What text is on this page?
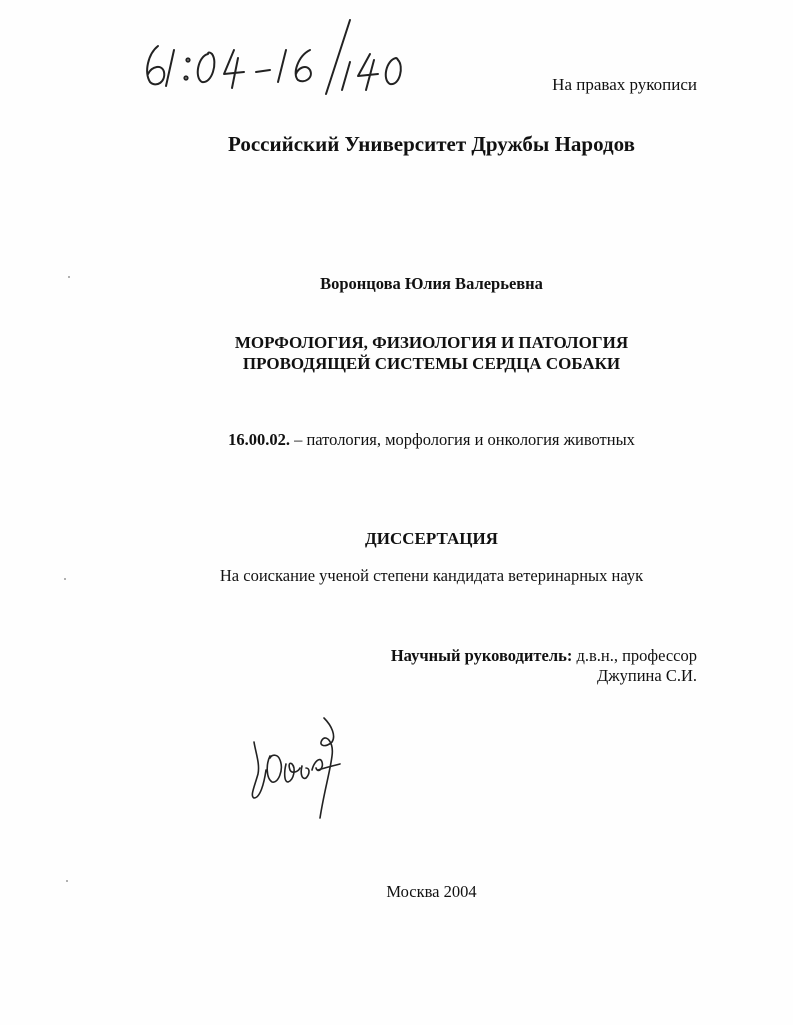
На правах рукописи
Российский Университет Дружбы Народов
Воронцова Юлия Валерьевна
МОРФОЛОГИЯ, ФИЗИОЛОГИЯ И ПАТОЛОГИЯ
ПРОВОДЯЩЕЙ СИСТЕМЫ СЕРДЦА СОБАКИ
16.00.02. – патология, морфология и онкология животных
ДИССЕРТАЦИЯ
На соискание ученой степени кандидата ветеринарных наук
Научный руководитель: д.в.н., профессор
Джупина С.И.
Москва 2004
